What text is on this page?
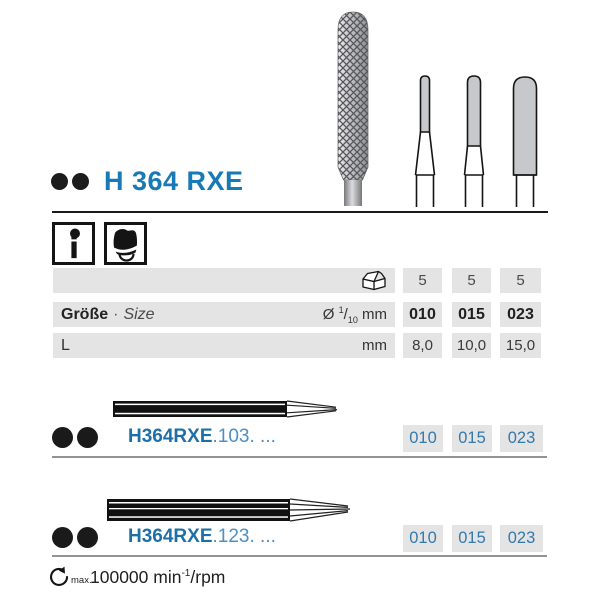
H 364 RXE
i
5	5	5
Größe · Size	Ø $^1/_{10}$ mm	010	015	023
L	mm	8,0	10,0	15,0
H364RXE.103. ...	010	015	023
H364RXE.123. ...	010	015	023
max.
100000 $\min^{-1}$/rpm
